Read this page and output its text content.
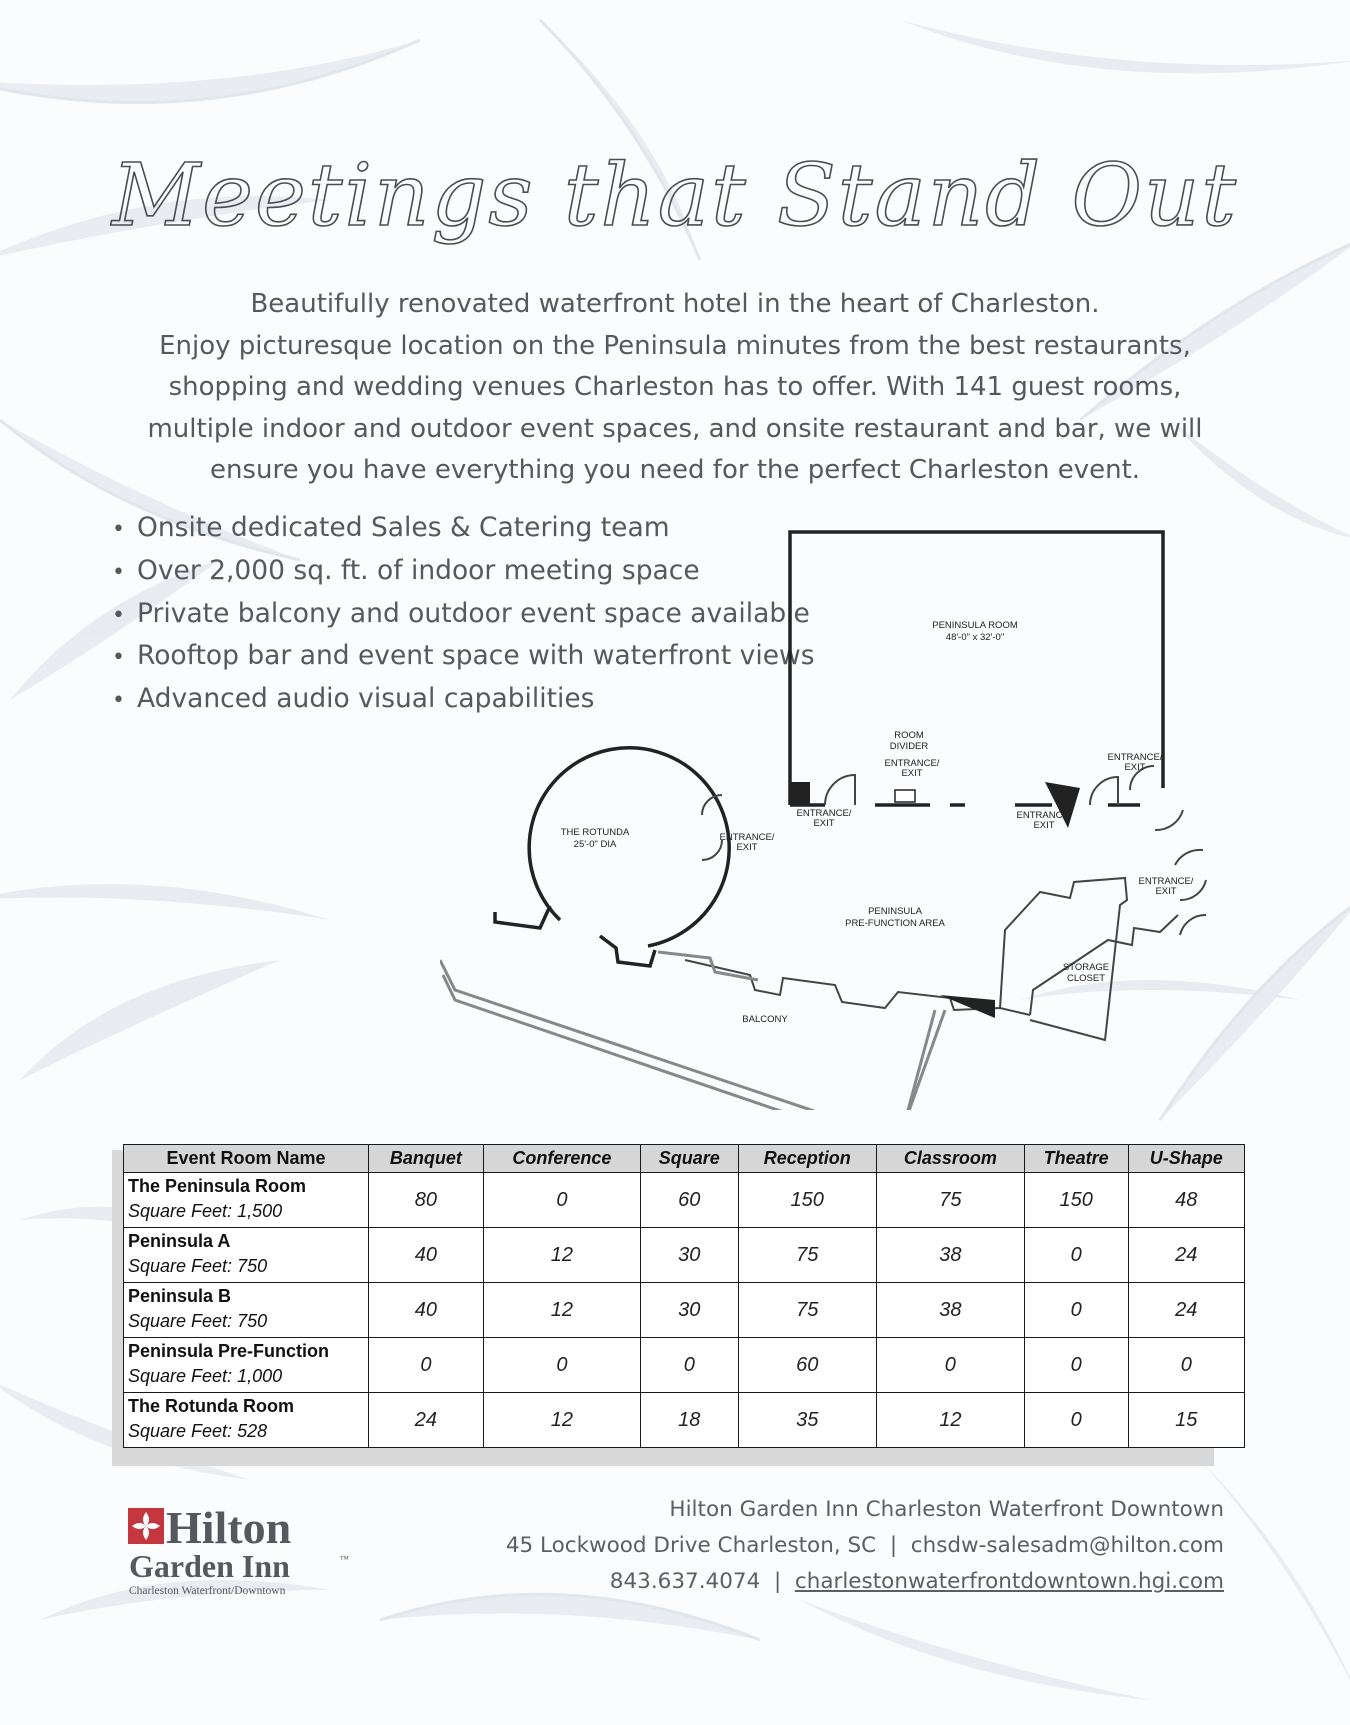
Meetings that Stand Out
Beautifully renovated waterfront hotel in the heart of Charleston.
Enjoy picturesque location on the Peninsula minutes from the best restaurants,
shopping and wedding venues Charleston has to offer. With 141 guest rooms,
multiple indoor and outdoor event spaces, and onsite restaurant and bar, we will
ensure you have everything you need for the perfect Charleston event.
• Onsite dedicated Sales & Catering team
• Over 2,000 sq. ft. of indoor meeting space
• Private balcony and outdoor event space available
• Rooftop bar and event space with waterfront views
• Advanced audio visual capabilities
PENINSULA ROOM
48'-0" x 32'-0"
ROOM
DIVIDER
ENTRANCE/
EXIT
ENTRANCE/
EXIT
ENTRANCE/
EXIT
ENTRANCE/
EXIT
ENTRANCE/
EXIT
ENTRANCE/
EXIT
THE ROTUNDA
25'-0" DIA
PENINSULA
PRE-FUNCTION AREA
STORAGE
CLOSET
BALCONY
Event Room Name	Banquet	Conference	Square	Reception	Classroom	Theatre	U-Shape

The Peninsula Room
Square Feet: 1,500	80	0	60	150	75	150	48

Peninsula A
Square Feet: 750	40	12	30	75	38	0	24

Peninsula B
Square Feet: 750	40	12	30	75	38	0	24

Peninsula Pre-Function
Square Feet: 1,000	0	0	0	60	0	0	0

The Rotunda Room
Square Feet: 528	24	12	18	35	12	0	15
Hilton
Garden Inn	™
Charleston Waterfront/Downtown
Hilton Garden Inn Charleston Waterfront Downtown
45 Lockwood Drive Charleston, SC  |  chsdw-salesadm@hilton.com
843.637.4074  |  charlestonwaterfrontdowntown.hgi.com
